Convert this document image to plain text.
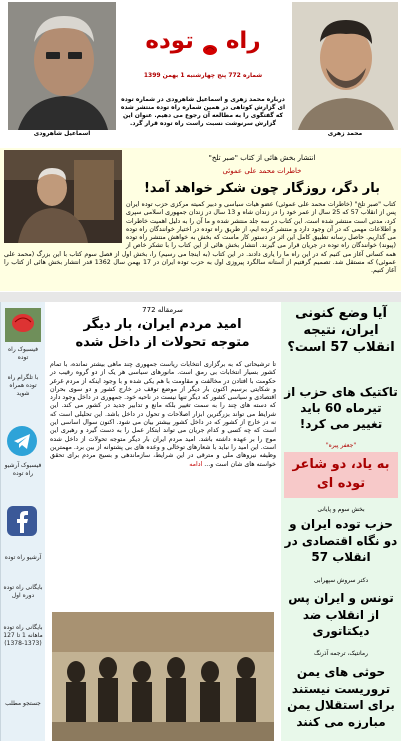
اسماعیل شاهرودی
راهتوده
شماره 772 پنج‌ چهارشنبه 1 بهمن 1399
درباره محمد زهری و اسماعیل شاهرودی در شماره توده ای گزارش کوتاهی در همین شماره راه توده منتشر شده که گفتگوی را به مطالعه آن رجوع می دهیم. عنوان این گزارش سرنوشت نسبت راست راه توده قرار گرد.
محمد زهری
انتشار بخش هائی از کتاب "صبر تلخ"
خاطرات محمد علی عموئی
بار دگر، روزگار چون شکر خواهد آمد!
کتاب "صبر تلخ" (خاطرات محمد علی عموئی) عضو هیات سیاسی و دبیر کمیته مرکزی حزب توده ایران پس از انقلاب 57 که 25 سال از عمر خود را در زندان شاه و 13 سال در زندان جمهوری اسلامی سپری کرد، مدتی است منتشر شده است. این کتاب در سه جلد منتشر شده و ما آن را به دلیل اهمیت خاطرات و اطلاعات مهمی که در آن وجود دارد و منتشر کرده ایم، از طریق راه توده در اختیار خوانندگان راه توده می گذاریم. حاصل رسانه تطبیق کامل این اثر در دستور کار ماست که بخش به خواهش منتشر راه توده (پیوند) خوانندگان راه توده در جریان قرار می گیرند. انتشار بخش هائی از این کتاب را با تشکر خاص از همه کسانی آغاز می کنیم که در این راه ما را یاری دادند. در این کتاب (به اینجا می رسیم) را، بخش اول از فصل سوم کتاب با این بزرگ (محمد علی عموئی) که مستقل شد. تصمیم گرفتیم از آستانه سالگرد پیروزی اول به حزب توده ایران در 17 بهمن سال 1362 قدر انتشار بخش هائی از کتاب را آغاز کنیم.
فیسبوک راه توده
با تلگرام راه توده همراه شوید
فیسبوک آرشیو راه توده
آرشیو راه توده
بایگانی راه توده دوره اول
بایگانی راه توده ماهانه 1 تا 127 (1373-1378)
جستجو مطلب
سرمقاله 772
امید مردم ایران، بار دیگر
متوجه تحولات از داخل شده
تا ترشیحاتی که به برگزاری انتخابات ریاست جمهوری چند ماهی بیشتر نمانده، با تمام کشور بسیار انتخابات بی رمق است. مانورهای سیاسی هر یک از دو گروه رقیب در حکومت با افتادن در مخالفت و مقاومت با هم یکی شده و با وجود اینکه از مردم غرغر و شکایتی برسیم اکنون بار دیگر از موضع توقف در خارج کشور و دو سوی بحران اقتصادی و سیاسی کشور که دیگر تنها نیست در ناحیه خود. جمهوری در داخل وجود دارد که دسته های چند را به سمت تغییر بلکه مانع و تدابیر جدید در کشور می کند. این شرایط می تواند بزرگترین ابزار اصلاحات و تحول در داخل باشد. این تحلیلی است که نه در خارج از کشور که در داخل کشور بیشتر بیان می شود. اکنون سوال اساسی این است که چه کسی و کدام جریان می تواند ابتکار عمل را به دست گیرد و رهبری این موج را بر عهده داشته باشد. امید مردم ایران بار دیگر متوجه تحولات از داخل شده است. این امید را نباید با شعارهای توخالی و وعده های بی پشتوانه از بین برد. مهمترین وظیفه نیروهای ملی و مترقی در این شرایط، سازماندهی و بسیج مردم برای تحقق خواسته های شان است و... ادامه
آیا وضع کنونی ایران، نتیجه انقلاب 57 است؟
تاکتیک های حزب از تیرماه 60 باید تغییر می کرد!
"جعفر پیره"
به یاد، دو شاعر توده ای
بخش سوم و پایانی
حزب توده ایران و دو نگاه اقتصادی در انقلاب 57
دکتر سروش سپهرابی
تونس و ایران پس از انقلاب ضد دیکتاتوری
رمانتیک، ترجمه آذرنگ
حوثی های یمن تروریست نیستند برای استقلال یمن مبارزه می کنند
